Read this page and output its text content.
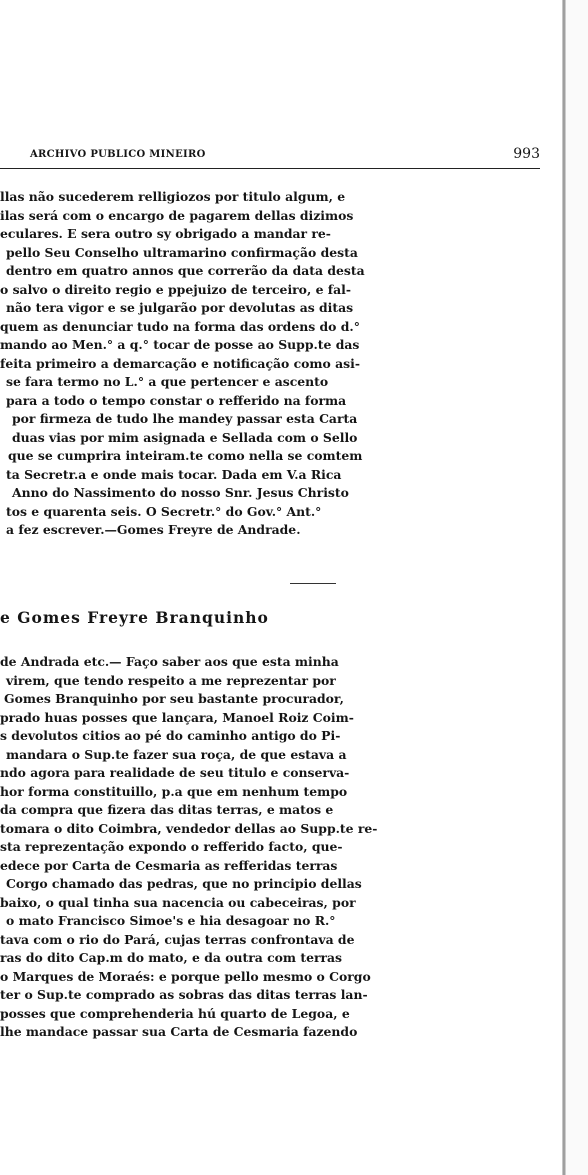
ARCHIVO PUBLICO MINEIRO	993
llas não sucederem relligiozos por titulo algum, e
ilas será com o encargo de pagarem dellas dizimos
eculares. E sera outro sy obrigado a mandar re-
pello Seu Conselho ultramarino confirmação desta
dentro em quatro annos que correrão da data desta
o salvo o direito regio e ppejuizo de terceiro, e fal-
não tera vigor e se julgarão por devolutas as ditas
quem as denunciar tudo na forma das ordens do d.°
mando ao Men.° a q.° tocar de posse ao Supp.te das
feita primeiro a demarcação e notificação como asi-
se fara termo no L.° a que pertencer e ascento
para a todo o tempo constar o refferido na forma
por firmeza de tudo lhe mandey passar esta Carta
duas vias por mim asignada e Sellada com o Sello
que se cumprira inteiram.te como nella se comtem
ta Secretr.a e onde mais tocar. Dada em V.a Rica
Anno do Nassimento do nosso Snr. Jesus Christo
tos e quarenta seis. O Secretr.° do Gov.° Ant.°
a fez escrever.—Gomes Freyre de Andrade.
e Gomes Freyre Branquinho
de Andrada etc.— Faço saber aos que esta minha
virem, que tendo respeito a me reprezentar por
Gomes Branquinho por seu bastante procurador,
prado huas posses que lançara, Manoel Roiz Coim-
s devolutos citios ao pé do caminho antigo do Pi-
mandara o Sup.te fazer sua roça, de que estava a
ndo agora para realidade de seu titulo e conserva-
hor forma constituillo, p.a que em nenhum tempo
da compra que fizera das ditas terras, e matos e
tomara o dito Coimbra, vendedor dellas ao Supp.te re-
sta reprezentação expondo o refferido facto, que-
edece por Carta de Cesmaria as refferidas terras
Corgo chamado das pedras, que no principio dellas
baixo, o qual tinha sua nacencia ou cabeceiras, por
o mato Francisco Simoe's e hia desagoar no R.°
tava com o rio do Pará, cujas terras confrontava de
ras do dito Cap.m do mato, e da outra com terras
o Marques de Moraés: e porque pello mesmo o Corgo
ter o Sup.te comprado as sobras das ditas terras lan-
posses que comprehenderia hú quarto de Legoa, e
lhe mandace passar sua Carta de Cesmaria fazendo
